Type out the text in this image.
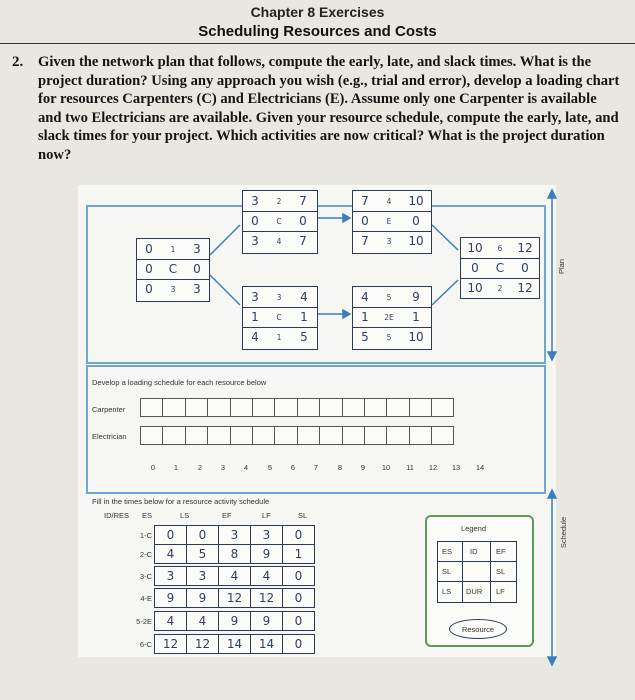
Chapter 8 Exercises
Scheduling Resources and Costs
2. Given the network plan that follows, compute the early, late, and slack times. What is the project duration? Using any approach you wish (e.g., trial and error), develop a loading chart for resources Carpenters (C) and Electricians (E). Assume only one Carpenter is available and two Electricians are available. Given your resource schedule, compute the early, late, and slack times for your project. Which activities are now critical? What is the project duration now?
0	1	3
0	C	0
0	3	3
3	2	7
0	C	0
3	4	7
7	4	10
0	E	0
7	3	10	10	6	12
0	C	0
10	2	12
3	3	4
1	C	1
4	1	5
4	5	9
1	2E	1
5	5	10
Plan
Develop a loading schedule for each resource below
Carpenter
Electrician
0	1	2	3	4	5	6	7	8	9	10 11 12 13 14
Fill in the times below for a resource activity schedule
ID/RES ES	LS	EF	LF	SL
1-C	0	0	3	3	0
2-C	4	5	8	9	1
3-C	3	3	4	4	0
4-E	9	9	12	12	0
5-2E	4	4	9	9	0
6-C 12	12	14	14	0
Legend
ES ID EF
SL	SL
LS DUR LF
Resource
Schedule
